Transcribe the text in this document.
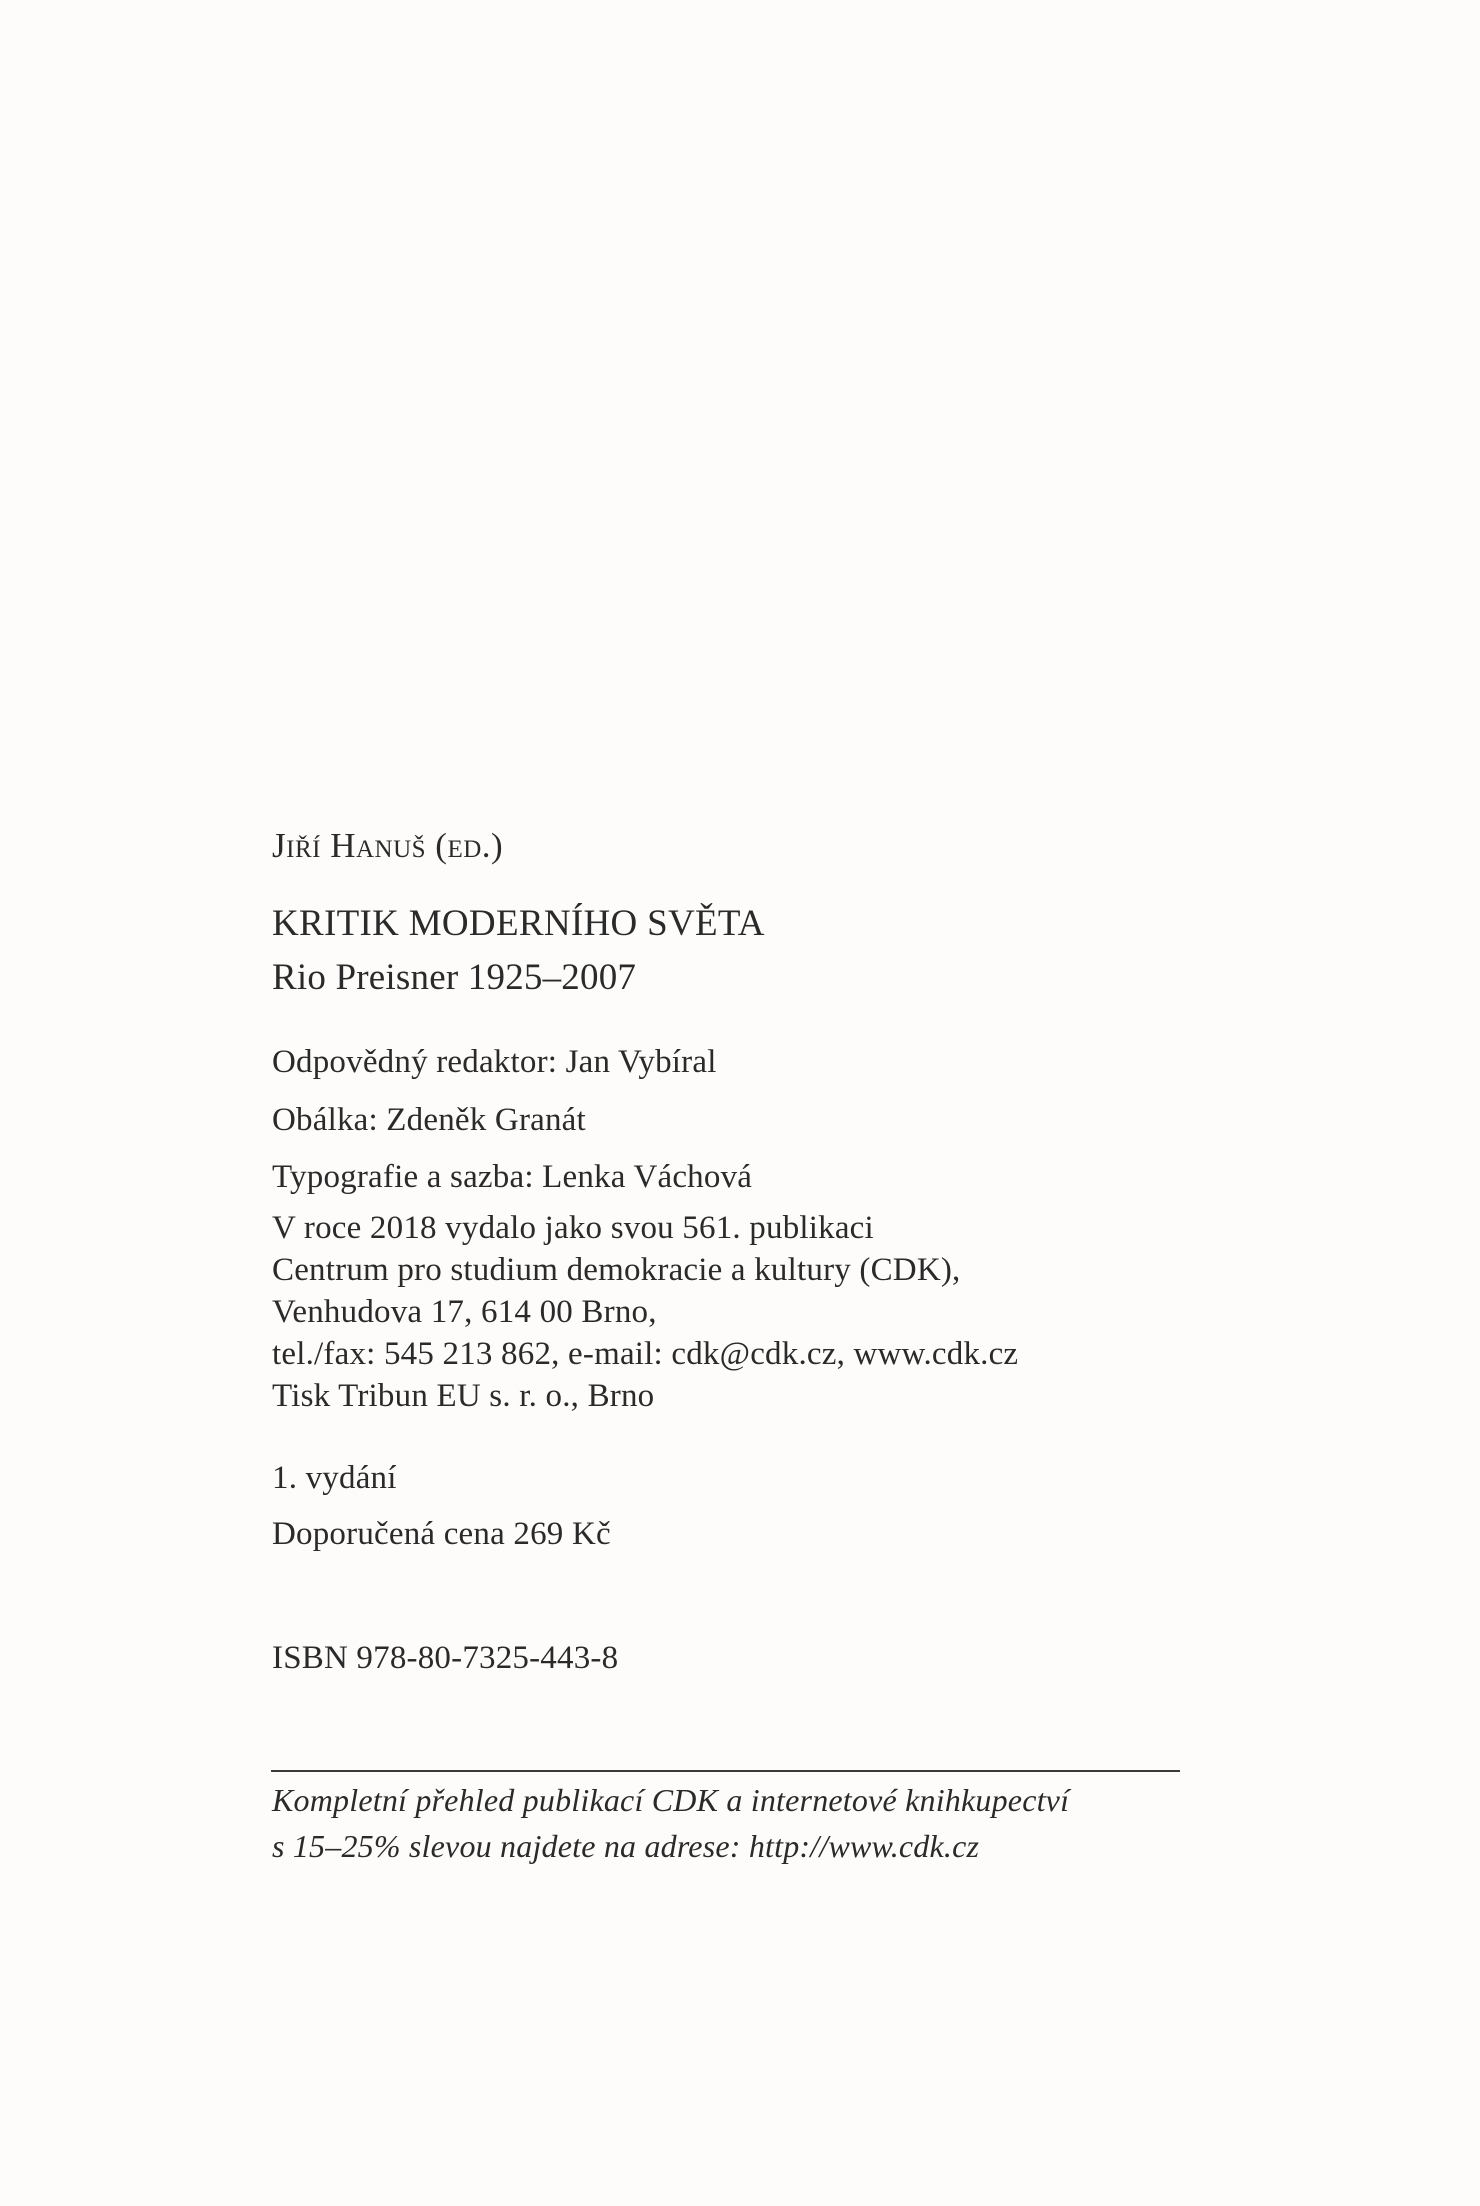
Jiří Hanuš (ed.)
KRITIK MODERNÍHO SVĚTA
Rio Preisner 1925–2007
Odpovědný redaktor: Jan Vybíral
Obálka: Zdeněk Granát
Typografie a sazba: Lenka Váchová
V roce 2018 vydalo jako svou 561. publikaci
Centrum pro studium demokracie a kultury (CDK),
Venhudova 17, 614 00 Brno,
tel./fax: 545 213 862, e-mail: cdk@cdk.cz, www.cdk.cz
Tisk Tribun EU s. r. o., Brno
1. vydání
Doporučená cena 269 Kč
ISBN 978-80-7325-443-8
Kompletní přehled publikací CDK a internetové knihkupectví
s 15–25% slevou najdete na adrese: http://www.cdk.cz
